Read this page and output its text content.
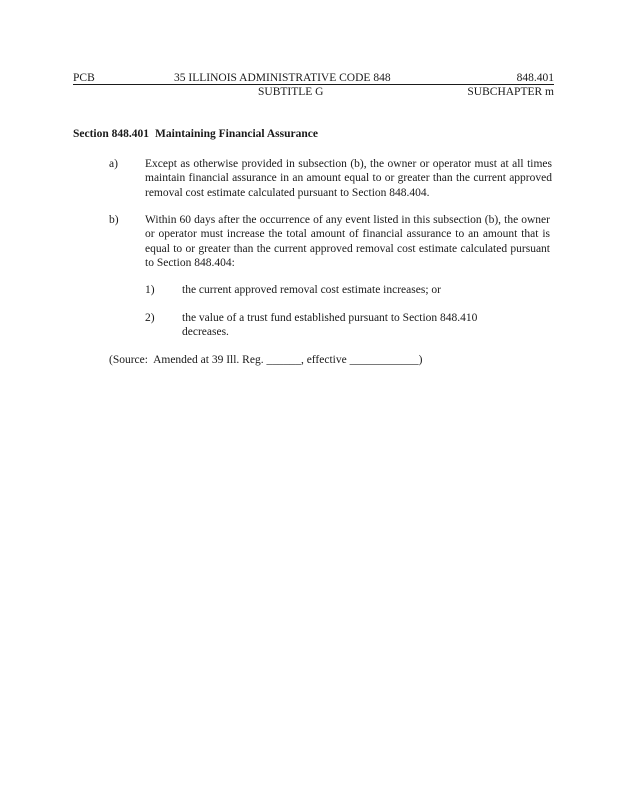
PCB	35 ILLINOIS ADMINISTRATIVE CODE 848	848.401
SUBTITLE G	SUBCHAPTER m
Section 848.401 Maintaining Financial Assurance
a) Except as otherwise provided in subsection (b), the owner or operator must at all times maintain financial assurance in an amount equal to or greater than the current approved removal cost estimate calculated pursuant to Section 848.404.
b) Within 60 days after the occurrence of any event listed in this subsection (b), the owner or operator must increase the total amount of financial assurance to an amount that is equal to or greater than the current approved removal cost estimate calculated pursuant to Section 848.404:
1) the current approved removal cost estimate increases; or
2) the value of a trust fund established pursuant to Section 848.410 decreases.
(Source:  Amended at 39 Ill. Reg. ______, effective ____________)
